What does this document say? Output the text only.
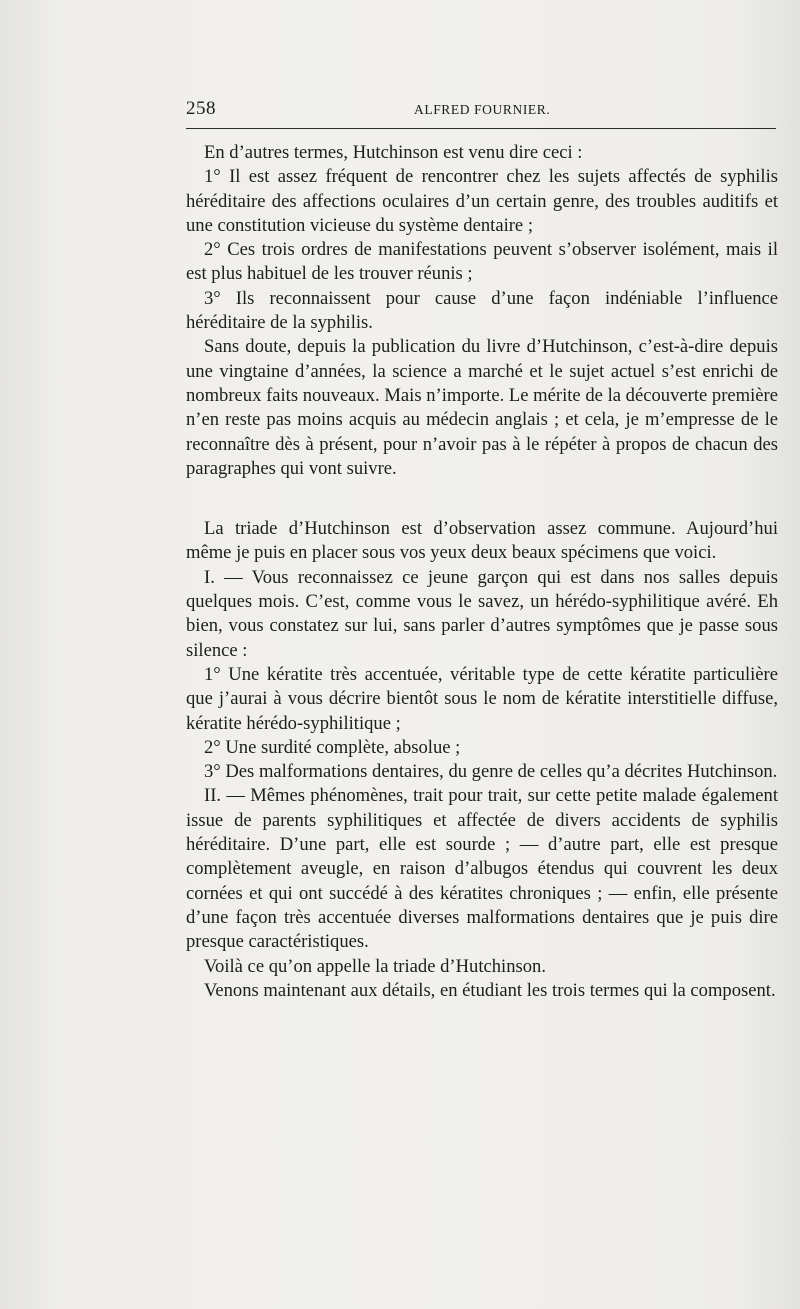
258	ALFRED FOURNIER.

En d’autres termes, Hutchinson est venu dire ceci :

1° Il est assez fréquent de rencontrer chez les sujets affectés de syphilis héréditaire des affections oculaires d’un certain genre, des troubles auditifs et une constitution vicieuse du système dentaire ;

2° Ces trois ordres de manifestations peuvent s’observer isolément, mais il est plus habituel de les trouver réunis ;

3° Ils reconnaissent pour cause d’une façon indéniable l’influence héréditaire de la syphilis.

Sans doute, depuis la publication du livre d’Hutchinson, c’est-à-dire depuis une vingtaine d’années, la science a marché et le sujet actuel s’est enrichi de nombreux faits nouveaux. Mais n’importe. Le mérite de la découverte première n’en reste pas moins acquis au médecin anglais ; et cela, je m’empresse de le reconnaître dès à présent, pour n’avoir pas à le répéter à propos de chacun des paragraphes qui vont suivre.

La triade d’Hutchinson est d’observation assez commune. Aujourd’hui même je puis en placer sous vos yeux deux beaux spécimens que voici.

I. — Vous reconnaissez ce jeune garçon qui est dans nos salles depuis quelques mois. C’est, comme vous le savez, un hérédo-syphilitique avéré. Eh bien, vous constatez sur lui, sans parler d’autres symptômes que je passe sous silence :

1° Une kératite très accentuée, véritable type de cette kératite particulière que j’aurai à vous décrire bientôt sous le nom de kératite interstitielle diffuse, kératite hérédo-syphilitique ;

2° Une surdité complète, absolue ;

3° Des malformations dentaires, du genre de celles qu’a décrites Hutchinson.

II. — Mêmes phénomènes, trait pour trait, sur cette petite malade également issue de parents syphilitiques et affectée de divers accidents de syphilis héréditaire. D’une part, elle est sourde ; — d’autre part, elle est presque complètement aveugle, en raison d’albugos étendus qui couvrent les deux cornées et qui ont succédé à des kératites chroniques ; — enfin, elle présente d’une façon très accentuée diverses malformations dentaires que je puis dire presque caractéristiques.

Voilà ce qu’on appelle la triade d’Hutchinson.

Venons maintenant aux détails, en étudiant les trois termes qui la composent.
